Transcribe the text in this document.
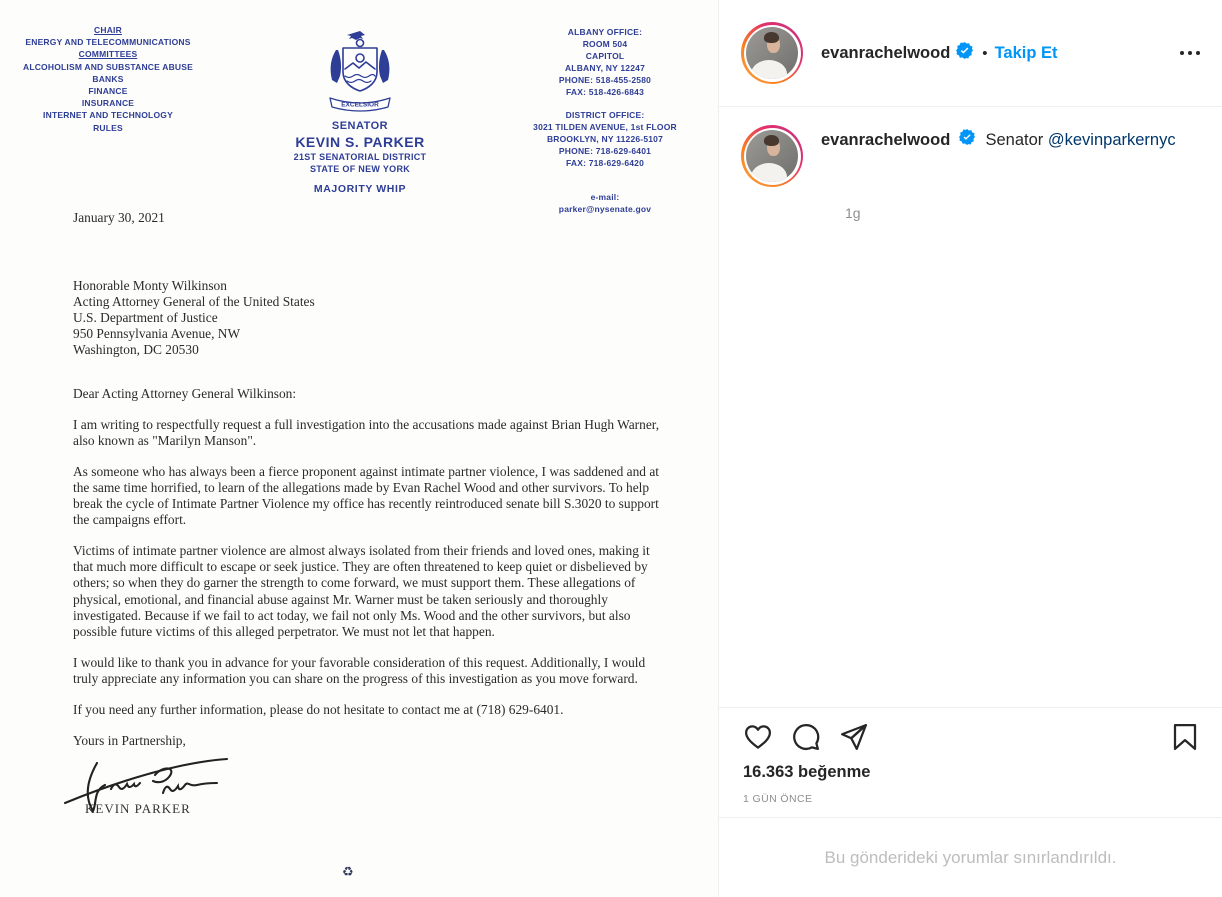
CHAIR
ENERGY AND TELECOMMUNICATIONS
COMMITTEES
ALCOHOLISM AND SUBSTANCE ABUSE
BANKS
FINANCE
INSURANCE
INTERNET AND TECHNOLOGY
RULES
EXCELSIOR
SENATOR
KEVIN S. PARKER
21ST SENATORIAL DISTRICT
STATE OF NEW YORK
MAJORITY WHIP
ALBANY OFFICE:
ROOM 504
CAPITOL
ALBANY, NY 12247
PHONE: 518-455-2580
FAX: 518-426-6843
DISTRICT OFFICE:
3021 TILDEN AVENUE, 1st FLOOR
BROOKLYN, NY 11226-5107
PHONE: 718-629-6401
FAX: 718-629-6420
e-mail:
parker@nysenate.gov

January 30, 2021

Honorable Monty Wilkinson
Acting Attorney General of the United States
U.S. Department of Justice
950 Pennsylvania Avenue, NW
Washington, DC 20530

Dear Acting Attorney General Wilkinson:

I am writing to respectfully request a full investigation into the accusations made against Brian Hugh Warner, also known as "Marilyn Manson".

As someone who has always been a fierce proponent against intimate partner violence, I was saddened and at the same time horrified, to learn of the allegations made by Evan Rachel Wood and other survivors. To help break the cycle of Intimate Partner Violence my office has recently reintroduced senate bill S.3020 to support the campaigns effort.

Victims of intimate partner violence are almost always isolated from their friends and loved ones, making it that much more difficult to escape or seek justice. They are often threatened to keep quiet or disbelieved by others; so when they do garner the strength to come forward, we must support them. These allegations of physical, emotional, and financial abuse against Mr. Warner must be taken seriously and thoroughly investigated. Because if we fail to act today, we fail not only Ms. Wood and the other survivors, but also possible future victims of this alleged perpetrator. We must not let that happen.

I would like to thank you in advance for your favorable consideration of this request. Additionally, I would truly appreciate any information you can share on the progress of this investigation as you move forward.

If you need any further information, please do not hesitate to contact me at (718) 629-6401.

Yours in Partnership,

KEVIN PARKER
♻
evanrachelwood • Takip Et
evanrachelwood Senator @kevinparkernyc
1g
16.363 beğenme
1 GÜN ÖNCE
Bu gönderideki yorumlar sınırlandırıldı.
